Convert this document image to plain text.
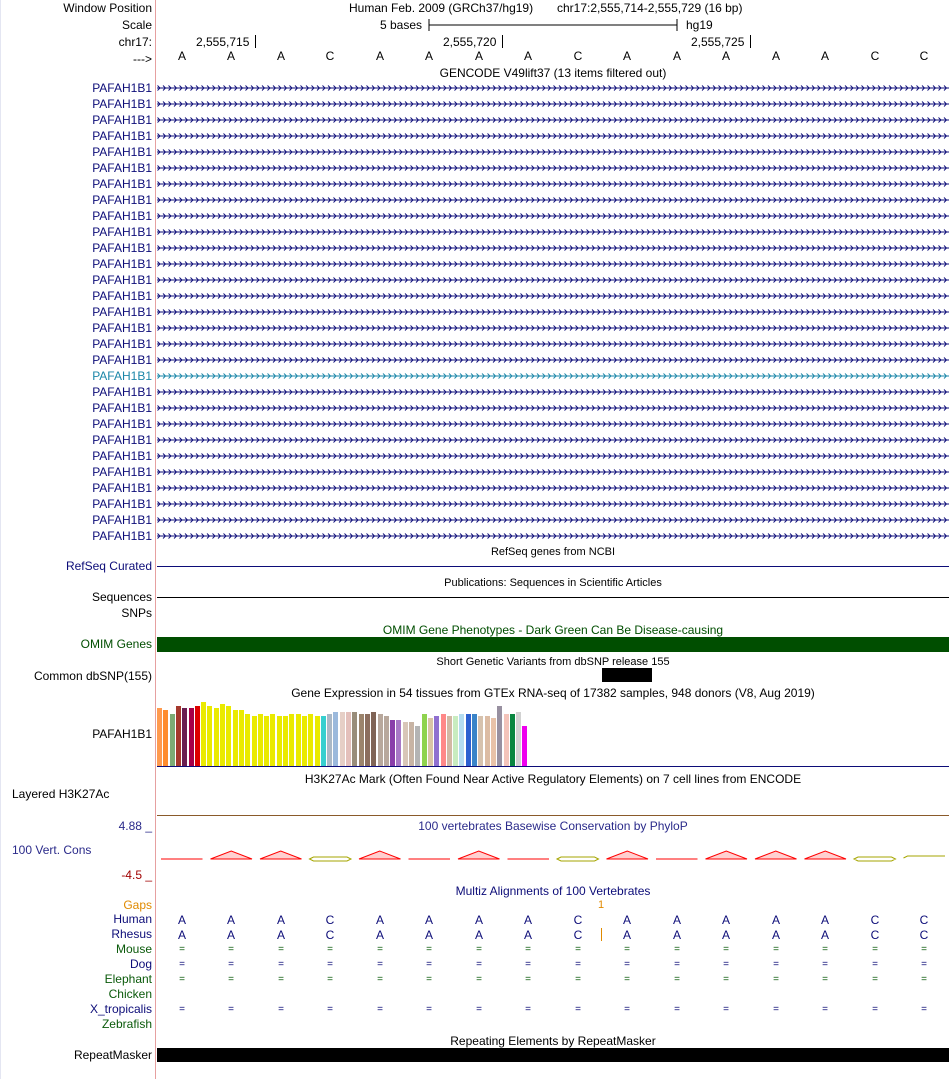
Window Position
Scale
chr17:
--->
Human Feb. 2009 (GRCh37/hg19) chr17:2,555,714-2,555,729 (16 bp)
5 bases	hg19
2,555,715	2,555,720	2,555,725
A	A	A	C	A	A	A	A	C	A	A	A	A	A	C	C
GENCODE V49lift37 (13 items filtered out)
PAFAH1B1
PAFAH1B1
PAFAH1B1
PAFAH1B1
PAFAH1B1
PAFAH1B1
PAFAH1B1
PAFAH1B1
PAFAH1B1
PAFAH1B1
PAFAH1B1
PAFAH1B1
PAFAH1B1
PAFAH1B1
PAFAH1B1
PAFAH1B1
PAFAH1B1
PAFAH1B1
PAFAH1B1
PAFAH1B1
PAFAH1B1
PAFAH1B1
PAFAH1B1
PAFAH1B1
PAFAH1B1
PAFAH1B1
PAFAH1B1
PAFAH1B1
PAFAH1B1
RefSeq genes from NCBI
RefSeq Curated
Publications: Sequences in Scientific Articles
Sequences
SNPs
OMIM Gene Phenotypes - Dark Green Can Be Disease-causing
OMIM Genes
Short Genetic Variants from dbSNP release 155
Common dbSNP(155)
Gene Expression in 54 tissues from GTEx RNA-seq of 17382 samples, 948 donors (V8, Aug 2019)
PAFAH1B1
H3K27Ac Mark (Often Found Near Active Regulatory Elements) on 7 cell lines from ENCODE
Layered H3K27Ac
100 vertebrates Basewise Conservation by PhyloP
4.88 _
100 Vert. Cons
-4.5 _
Multiz Alignments of 100 Vertebrates
Gaps	1
Human	A	A	A	C	A	A	A	A	C	A	A	A	A	A	C	C
Rhesus	A	A	A	C	A	A	A	A	C	A	A	A	A	A	C	C
Mouse	=	=	=	=	=	=	=	=	=	=	=	=	=	=	=	=
Dog	=	=	=	=	=	=	=	=	=	=	=	=	=	=	=	=
Elephant	=	=	=	=	=	=	=	=	=	=	=	=	=	=	=	=
Chicken
X_tropicalis	=	=	=	=	=	=	=	=	=	=	=	=	=	=	=	=
Zebrafish
Repeating Elements by RepeatMasker
RepeatMasker
